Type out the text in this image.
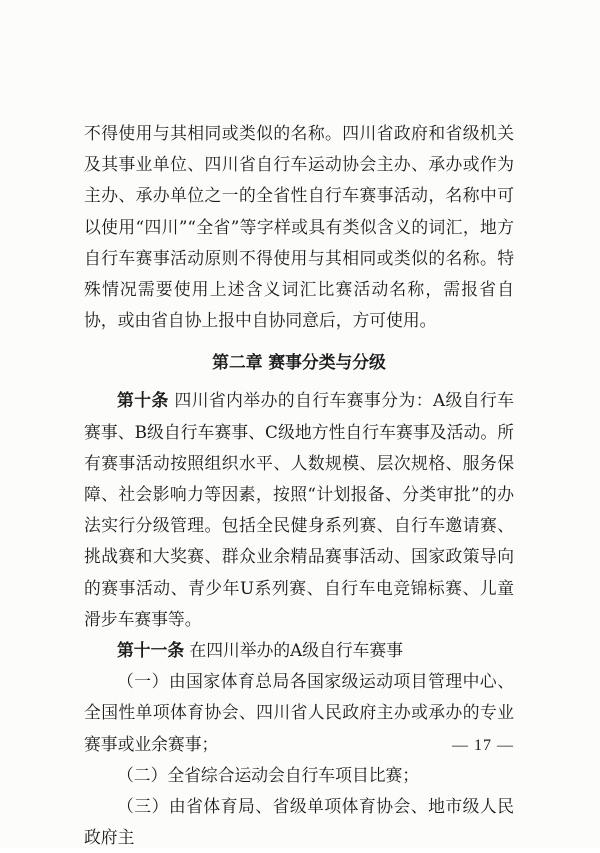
不得使用与其相同或类似的名称。四川省政府和省级机关及其事业单位、四川省自行车运动协会主办、承办或作为主办、承办单位之一的全省性自行车赛事活动，名称中可以使用“四川”“全省”等字样或具有类似含义的词汇，地方自行车赛事活动原则不得使用与其相同或类似的名称。特殊情况需要使用上述含义词汇比赛活动名称，需报省自协，或由省自协上报中自协同意后，方可使用。

第二章 赛事分类与分级

第十条 四川省内举办的自行车赛事分为：A级自行车赛事、B级自行车赛事、C级地方性自行车赛事及活动。所有赛事活动按照组织水平、人数规模、层次规格、服务保障、社会影响力等因素，按照“计划报备、分类审批”的办法实行分级管理。包括全民健身系列赛、自行车邀请赛、挑战赛和大奖赛、群众业余精品赛事活动、国家政策导向的赛事活动、青少年U系列赛、自行车电竞锦标赛、儿童滑步车赛事等。

第十一条 在四川举办的A级自行车赛事

（一）由国家体育总局各国家级运动项目管理中心、全国性单项体育协会、四川省人民政府主办或承办的专业赛事或业余赛事；

（二）全省综合运动会自行车项目比赛；

（三）由省体育局、省级单项体育协会、地市级人民政府主

— 17 —
